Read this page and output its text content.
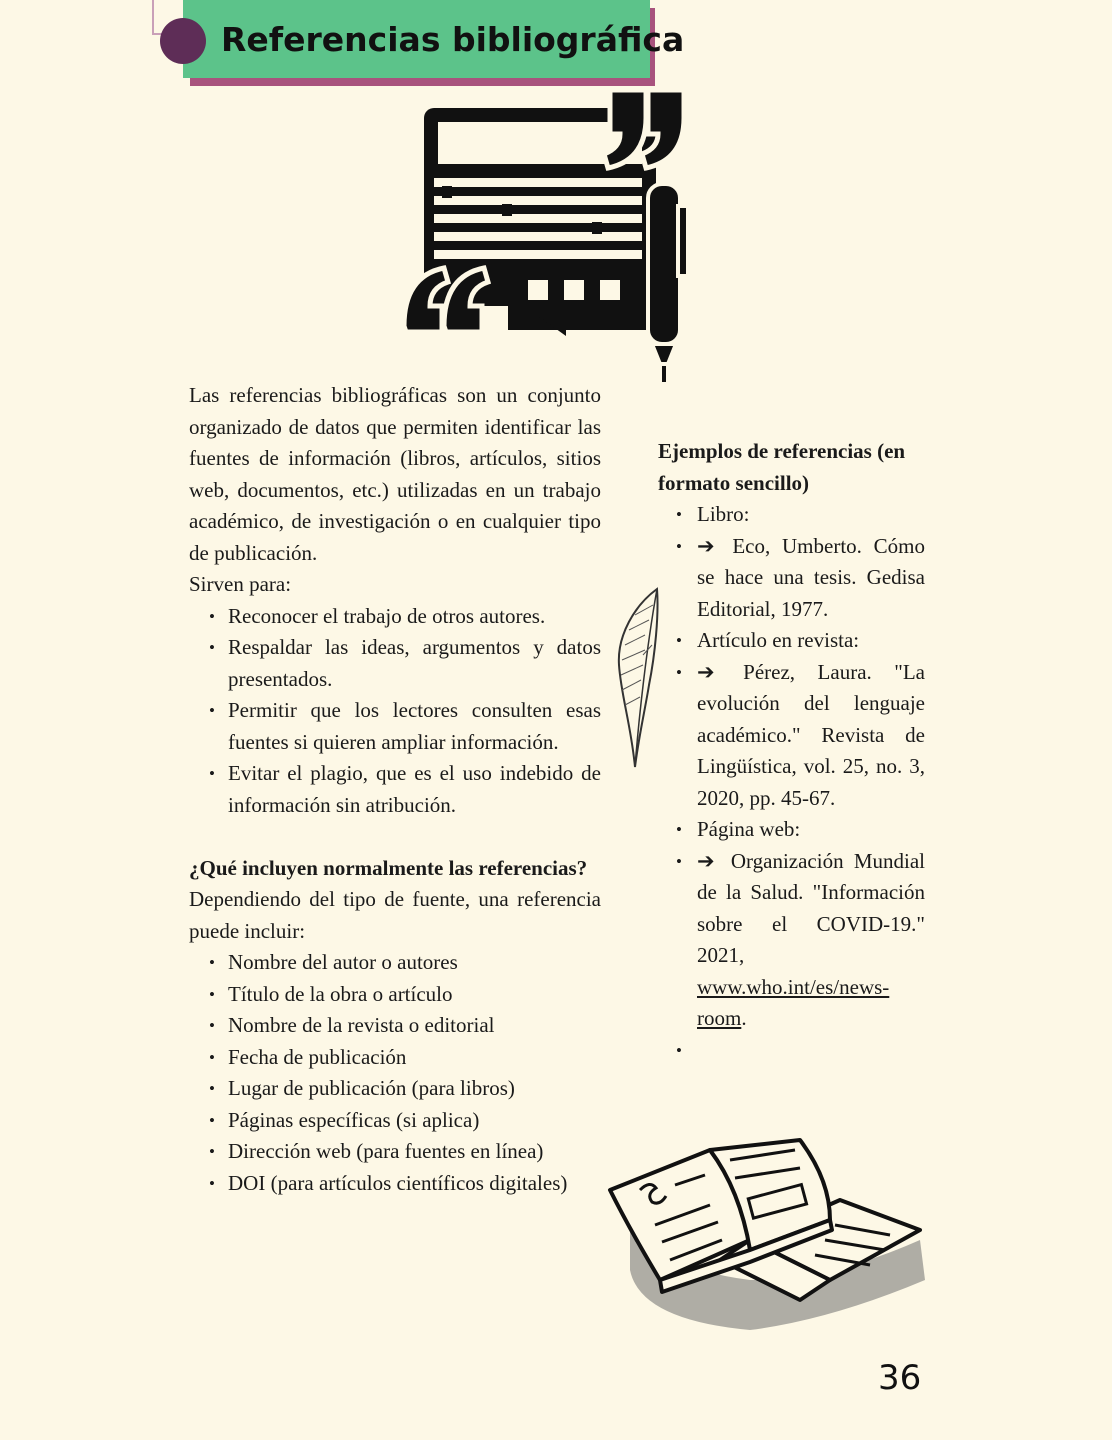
Referencias bibliográfica

Las referencias bibliográficas son un conjunto organizado de datos que permiten identificar las fuentes de información (libros, artículos, sitios web, documentos, etc.) utilizadas en un trabajo académico, de investigación o en cualquier tipo de publicación.

Sirven para:

• Reconocer el trabajo de otros autores.
• Respaldar las ideas, argumentos y datos presentados.
• Permitir que los lectores consulten esas fuentes si quieren ampliar información.
• Evitar el plagio, que es el uso indebido de información sin atribución.

¿Qué incluyen normalmente las referencias?

Dependiendo del tipo de fuente, una referencia puede incluir:

• Nombre del autor o autores
• Título de la obra o artículo
• Nombre de la revista o editorial
• Fecha de publicación
• Lugar de publicación (para libros)
• Páginas específicas (si aplica)
• Dirección web (para fuentes en línea)
• DOI (para artículos científicos digitales)

Ejemplos de referencias (en formato sencillo)

• Libro:
• ➔ Eco, Umberto. Cómo se hace una tesis. Gedisa Editorial, 1977.
• Artículo en revista:
• ➔ Pérez, Laura. "La evolución del lenguaje académico." Revista de Lingüística, vol. 25, no. 3, 2020, pp. 45-67.
• Página web:
• ➔ Organización Mundial de la Salud. "Información sobre el COVID-19." 2021, www.who.int/es/news-room.
•
36
